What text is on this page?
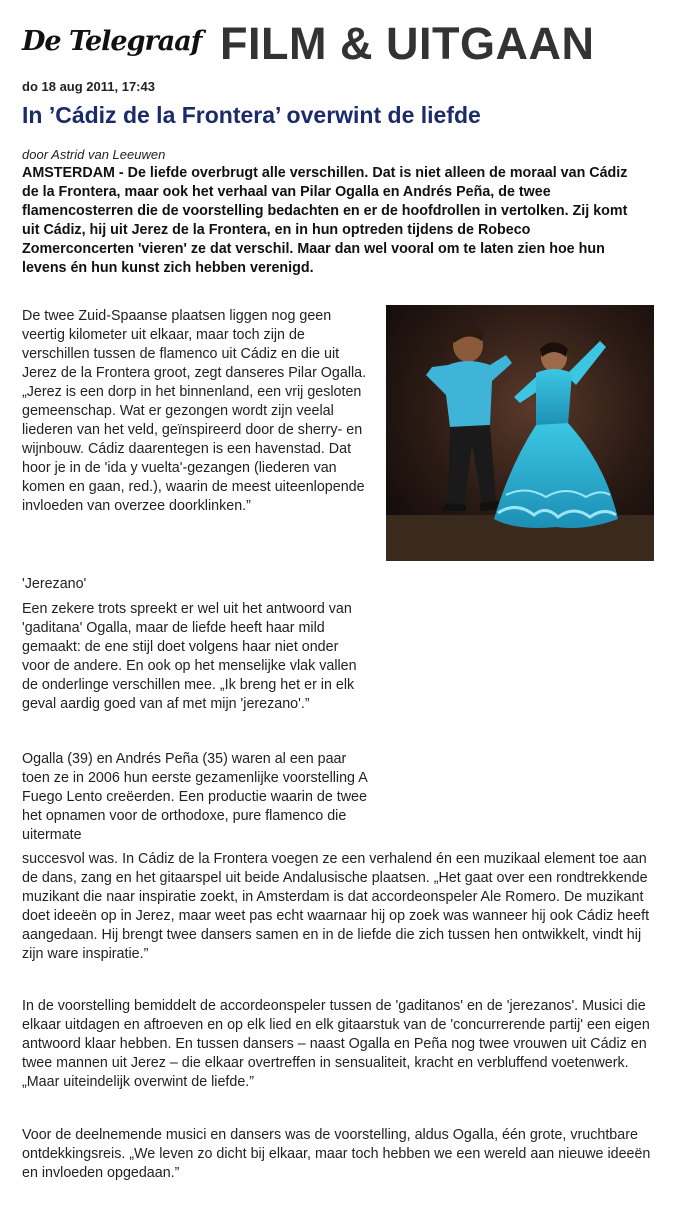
De Telegraaf FILM & UITGAAN
do 18 aug 2011, 17:43
In ’Cádiz de la Frontera’ overwint de liefde
door Astrid van Leeuwen
AMSTERDAM - De liefde overbrugt alle verschillen. Dat is niet alleen de moraal van Cádiz de la Frontera, maar ook het verhaal van Pilar Ogalla en Andrés Peña, de twee flamencosterren die de voorstelling bedachten en er de hoofdrollen in vertolken. Zij komt uit Cádiz, hij uit Jerez de la Frontera, en in hun optreden tijdens de Robeco Zomerconcerten 'vieren' ze dat verschil. Maar dan wel vooral om te laten zien hoe hun levens én hun kunst zich hebben verenigd.

De twee Zuid-Spaanse plaatsen liggen nog geen veertig kilometer uit elkaar, maar toch zijn de verschillen tussen de flamenco uit Cádiz en die uit Jerez de la Frontera groot, zegt danseres Pilar Ogalla. „Jerez is een dorp in het binnenland, een vrij gesloten gemeenschap. Wat er gezongen wordt zijn veelal liederen van het veld, geïnspireerd door de sherry- en wijnbouw. Cádiz daarentegen is een havenstad. Dat hoor je in de 'ida y vuelta'-gezangen (liederen van komen en gaan, red.), waarin de meest uiteenlopende invloeden van overzee doorklinken.”

'Jerezano'

Een zekere trots spreekt er wel uit het antwoord van 'gaditana' Ogalla, maar de liefde heeft haar mild gemaakt: de ene stijl doet volgens haar niet onder voor de andere. En ook op het menselijke vlak vallen de onderlinge verschillen mee. „Ik breng het er in elk geval aardig goed van af met mijn 'jerezano'.”

Ogalla (39) en Andrés Peña (35) waren al een paar toen ze in 2006 hun eerste gezamenlijke voorstelling A Fuego Lento creëerden. Een productie waarin de twee het opnamen voor de orthodoxe, pure flamenco die uitermate

succesvol was. In Cádiz de la Frontera voegen ze een verhalend én een muzikaal element toe aan de dans, zang en het gitaarspel uit beide Andalusische plaatsen. „Het gaat over een rondtrekkende muzikant die naar inspiratie zoekt, in Amsterdam is dat accordeonspeler Ale Romero. De muzikant doet ideeën op in Jerez, maar weet pas echt waarnaar hij op zoek was wanneer hij ook Cádiz heeft aangedaan. Hij brengt twee dansers samen en in de liefde die zich tussen hen ontwikkelt, vindt hij zijn ware inspiratie.”

In de voorstelling bemiddelt de accordeonspeler tussen de 'gaditanos' en de 'jerezanos'. Musici die elkaar uitdagen en aftroeven en op elk lied en elk gitaarstuk van de 'concurrerende partij' een eigen antwoord klaar hebben. En tussen dansers – naast Ogalla en Peña nog twee vrouwen uit Cádiz en twee mannen uit Jerez – die elkaar overtreffen in sensualiteit, kracht en verbluffend voetenwerk. „Maar uiteindelijk overwint de liefde.”

Voor de deelnemende musici en dansers was de voorstelling, aldus Ogalla, één grote, vruchtbare ontdekkingsreis. „We leven zo dicht bij elkaar, maar toch hebben we een wereld aan nieuwe ideeën en invloeden opgedaan.”
